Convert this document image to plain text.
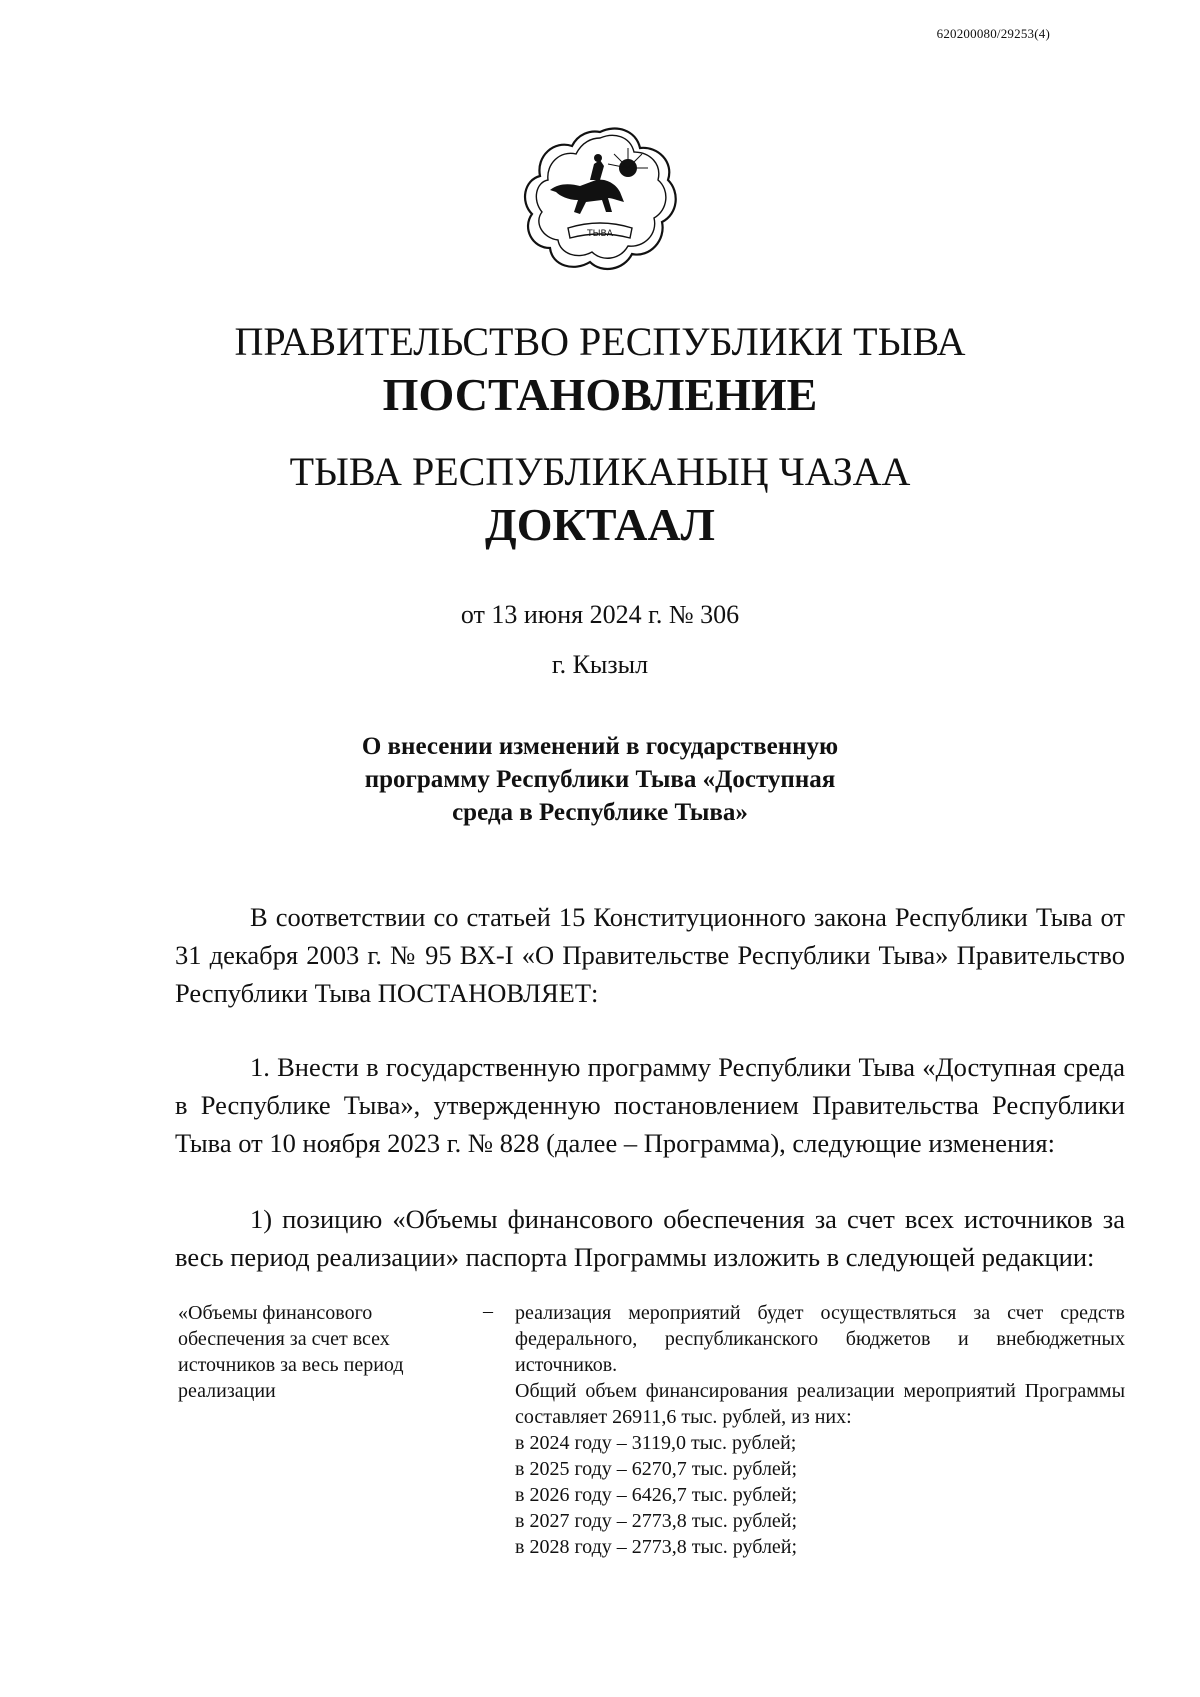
620200080/29253(4)
ТЫВА
ПРАВИТЕЛЬСТВО РЕСПУБЛИКИ ТЫВА
ПОСТАНОВЛЕНИЕ
ТЫВА РЕСПУБЛИКАНЫҢ ЧАЗАА
ДОКТААЛ
от 13 июня 2024 г. № 306
г. Кызыл
О внесении изменений в государственную
программу Республики Тыва «Доступная
среда в Республике Тыва»
В соответствии со статьей 15 Конституционного закона Республики Тыва от 31 декабря 2003 г. № 95 ВХ-I «О Правительстве Республики Тыва» Правительство Республики Тыва ПОСТАНОВЛЯЕТ:
1. Внести в государственную программу Республики Тыва «Доступная среда в Республике Тыва», утвержденную постановлением Правительства Республики Тыва от 10 ноября 2023 г. № 828 (далее – Программа), следующие изменения:
1) позицию «Объемы финансового обеспечения за счет всех источников за весь период реализации» паспорта Программы изложить в следующей редакции:
«Объемы финансового обеспечения за счет всех источников за весь период реализации
– реализация мероприятий будет осуществляться за счет средств федерального, республиканского бюджетов и внебюджетных источников.
Общий объем финансирования реализации мероприятий Программы составляет 26911,6 тыс. рублей, из них:
в 2024 году – 3119,0 тыс. рублей;
в 2025 году – 6270,7 тыс. рублей;
в 2026 году – 6426,7 тыс. рублей;
в 2027 году – 2773,8 тыс. рублей;
в 2028 году – 2773,8 тыс. рублей;
